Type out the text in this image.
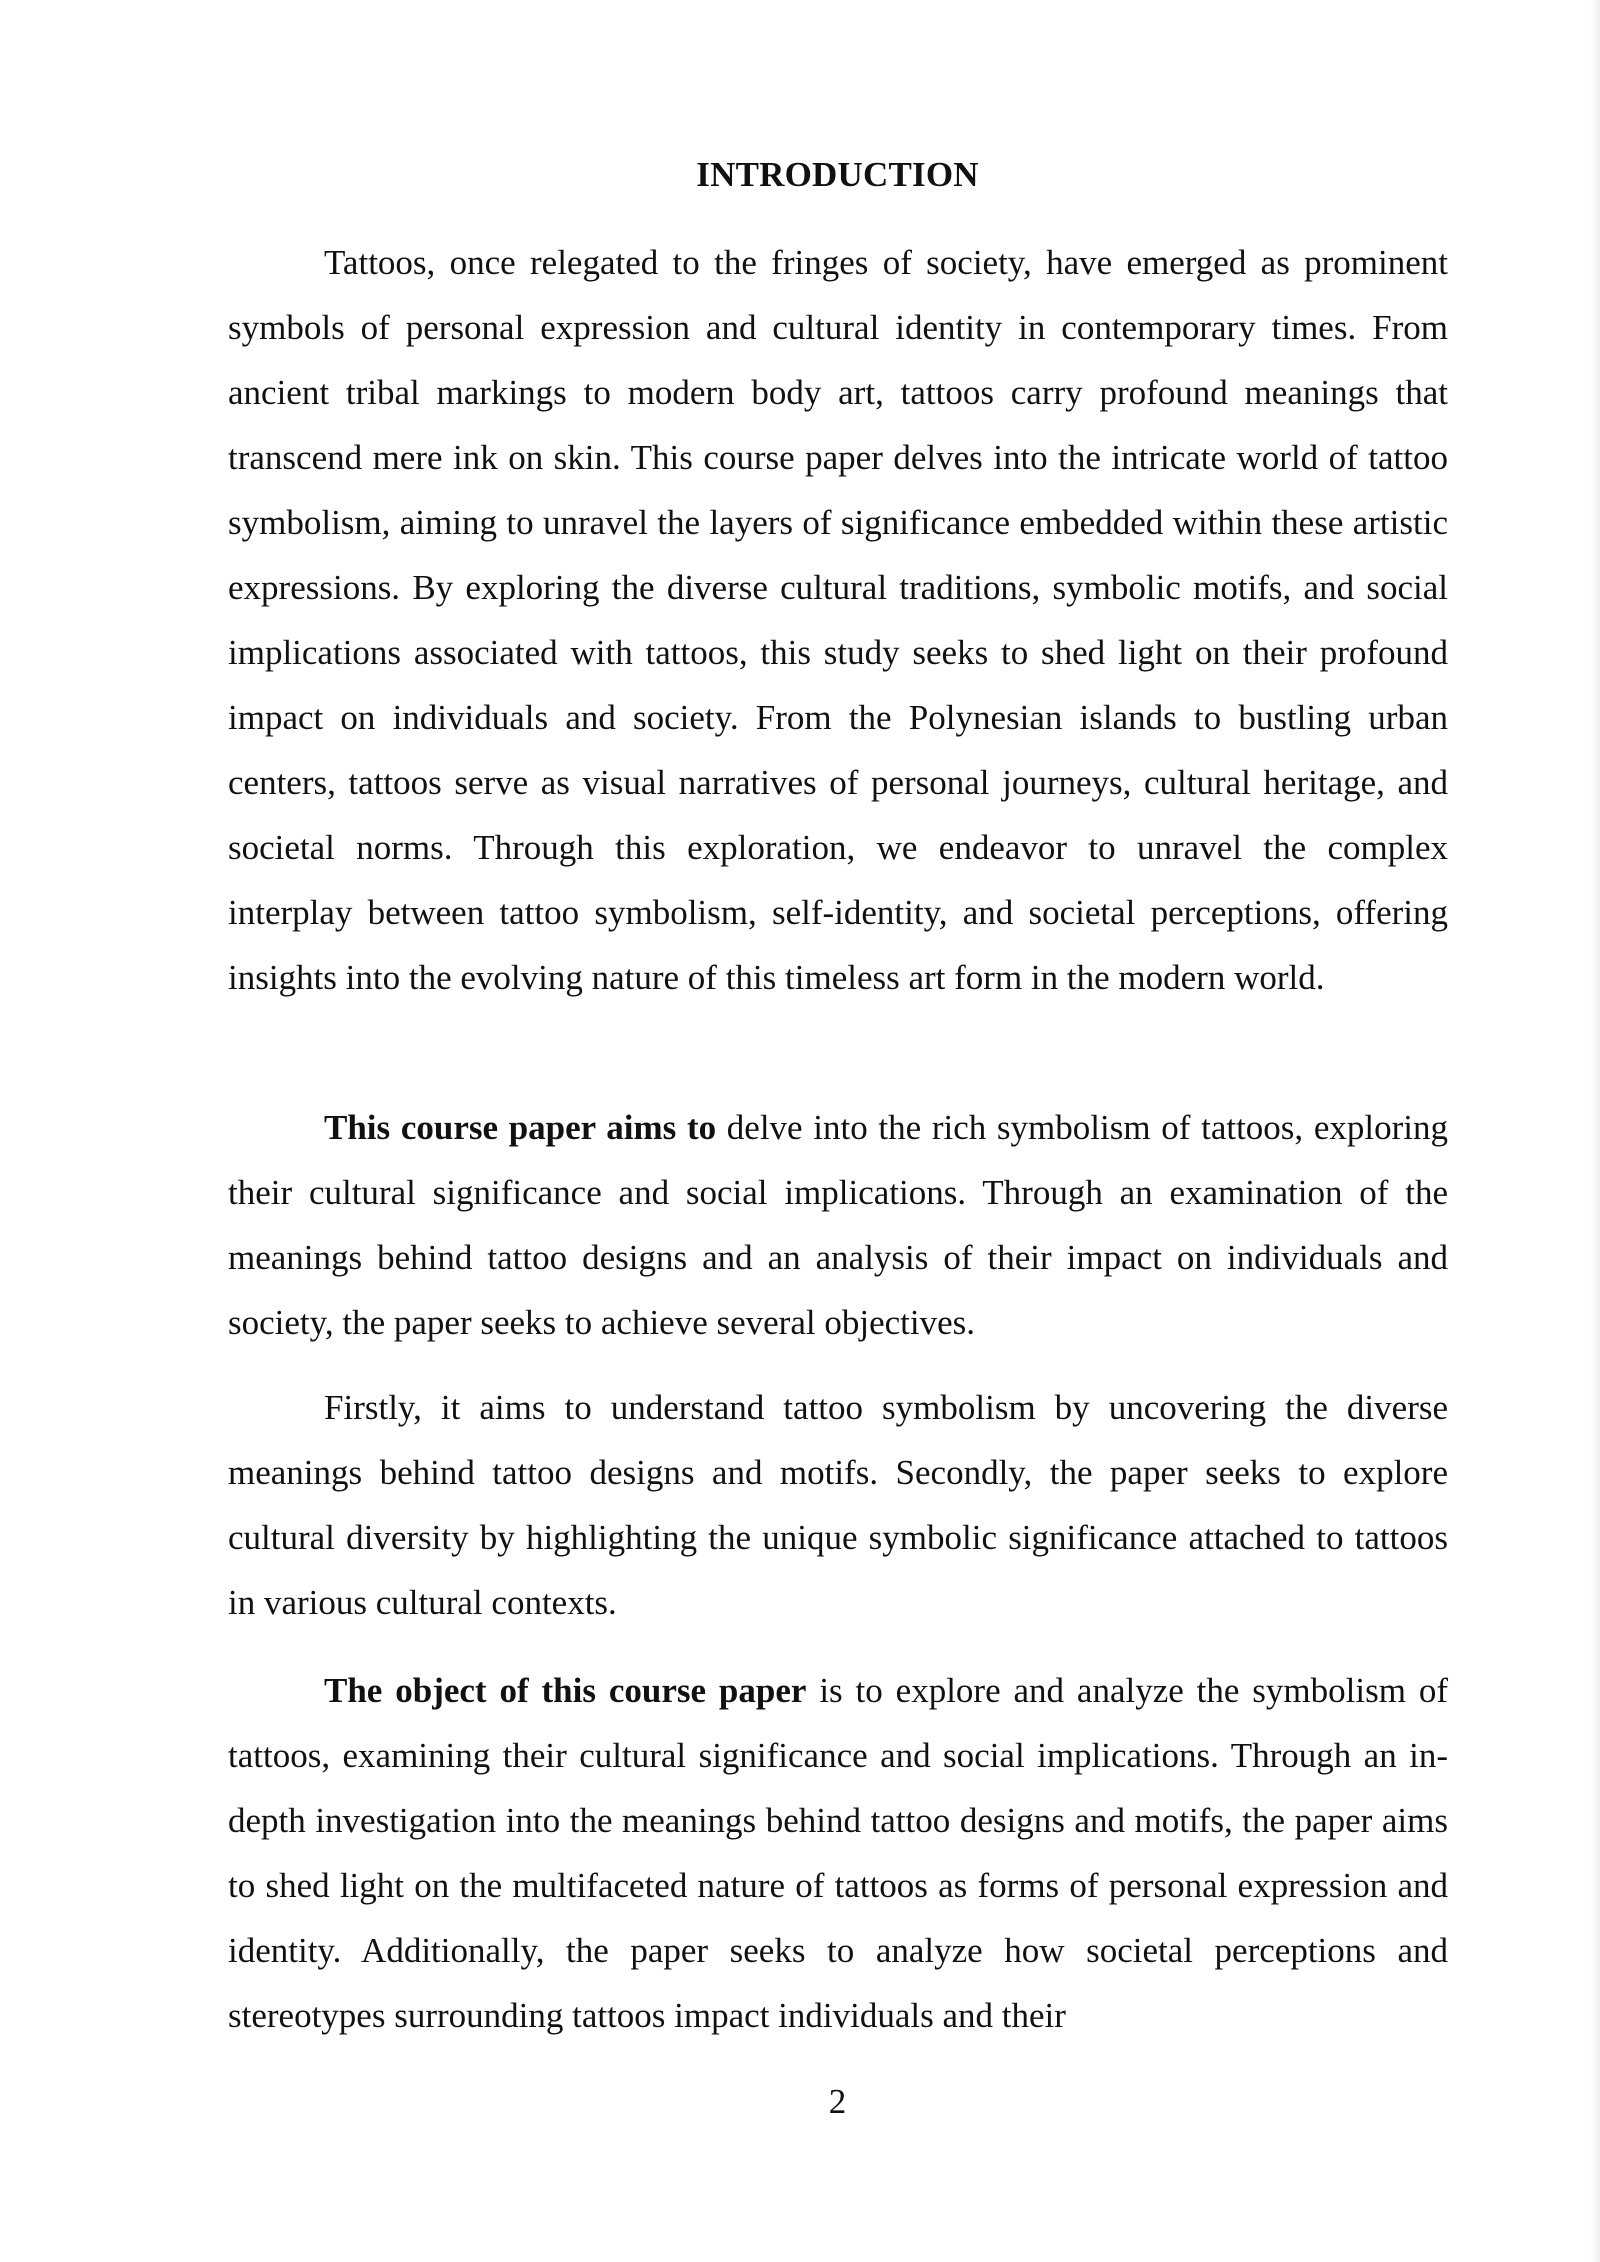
INTRODUCTION

Tattoos, once relegated to the fringes of society, have emerged as prominent symbols of personal expression and cultural identity in contemporary times. From ancient tribal markings to modern body art, tattoos carry profound meanings that transcend mere ink on skin. This course paper delves into the intricate world of tattoo symbolism, aiming to unravel the layers of significance embedded within these artistic expressions. By exploring the diverse cultural traditions, symbolic motifs, and social implications associated with tattoos, this study seeks to shed light on their profound impact on individuals and society. From the Polynesian islands to bustling urban centers, tattoos serve as visual narratives of personal journeys, cultural heritage, and societal norms. Through this exploration, we endeavor to unravel the complex interplay between tattoo symbolism, self-identity, and societal perceptions, offering insights into the evolving nature of this timeless art form in the modern world.

This course paper aims to delve into the rich symbolism of tattoos, exploring their cultural significance and social implications. Through an examination of the meanings behind tattoo designs and an analysis of their impact on individuals and society, the paper seeks to achieve several objectives.

Firstly, it aims to understand tattoo symbolism by uncovering the diverse meanings behind tattoo designs and motifs. Secondly, the paper seeks to explore cultural diversity by highlighting the unique symbolic significance attached to tattoos in various cultural contexts.

The object of this course paper is to explore and analyze the symbolism of tattoos, examining their cultural significance and social implications. Through an in-depth investigation into the meanings behind tattoo designs and motifs, the paper aims to shed light on the multifaceted nature of tattoos as forms of personal expression and identity. Additionally, the paper seeks to analyze how societal perceptions and stereotypes surrounding tattoos impact individuals and their

2
